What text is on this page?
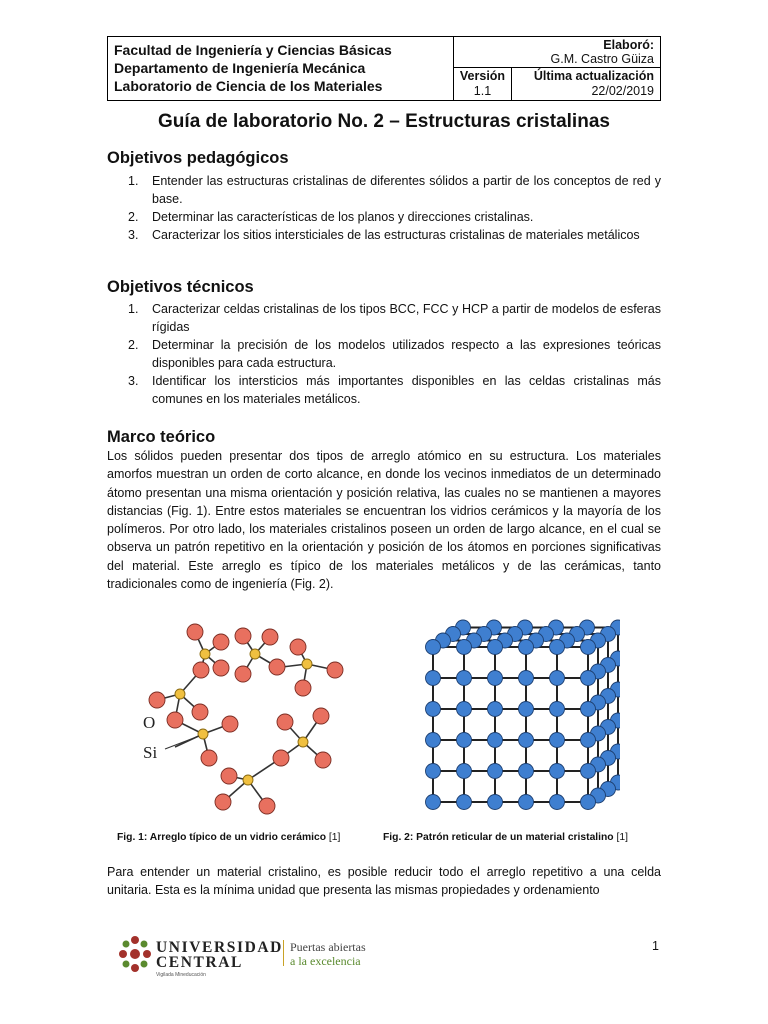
Facultad de Ingeniería y Ciencias Básicas
Departamento de Ingeniería Mecánica
Laboratorio de Ciencia de los Materiales
Elaboró:
G.M. Castro Güiza
Versión
1.1
Última actualización
22/02/2019
Guía de laboratorio No. 2 – Estructuras cristalinas
Objetivos pedagógicos
1. Entender las estructuras cristalinas de diferentes sólidos a partir de los conceptos de red y base.
2. Determinar las características de los planos y direcciones cristalinas.
3. Caracterizar los sitios intersticiales de las estructuras cristalinas de materiales metálicos
Objetivos técnicos
1. Caracterizar celdas cristalinas de los tipos BCC, FCC y HCP a partir de modelos de esferas rígidas
2. Determinar la precisión de los modelos utilizados respecto a las expresiones teóricas disponibles para cada estructura.
3. Identificar los intersticios más importantes disponibles en las celdas cristalinas más comunes en los materiales metálicos.
Marco teórico

Los sólidos pueden presentar dos tipos de arreglo atómico en su estructura. Los materiales amorfos muestran un orden de corto alcance, en donde los vecinos inmediatos de un determinado átomo presentan una misma orientación y posición relativa, las cuales no se mantienen a mayores distancias (Fig. 1). Entre estos materiales se encuentran los vidrios cerámicos y la mayoría de los polímeros. Por otro lado, los materiales cristalinos poseen un orden de largo alcance, en el cual se observa un patrón repetitivo en la orientación y posición de los átomos en porciones significativas del material. Este arreglo es típico de los materiales metálicos y de las cerámicas, tanto tradicionales como de ingeniería (Fig. 2).

O
Si
Fig. 1: Arreglo típico de un vidrio cerámico [1]	Fig. 2: Patrón reticular de un material cristalino [1]

Para entender un material cristalino, es posible reducir todo el arreglo repetitivo a una celda unitaria. Esta es la mínima unidad que presenta las mismas propiedades y ordenamiento

UNIVERSIDAD
CENTRAL
Vigilada Mineducación
Puertas abiertas
a la excelencia
1
